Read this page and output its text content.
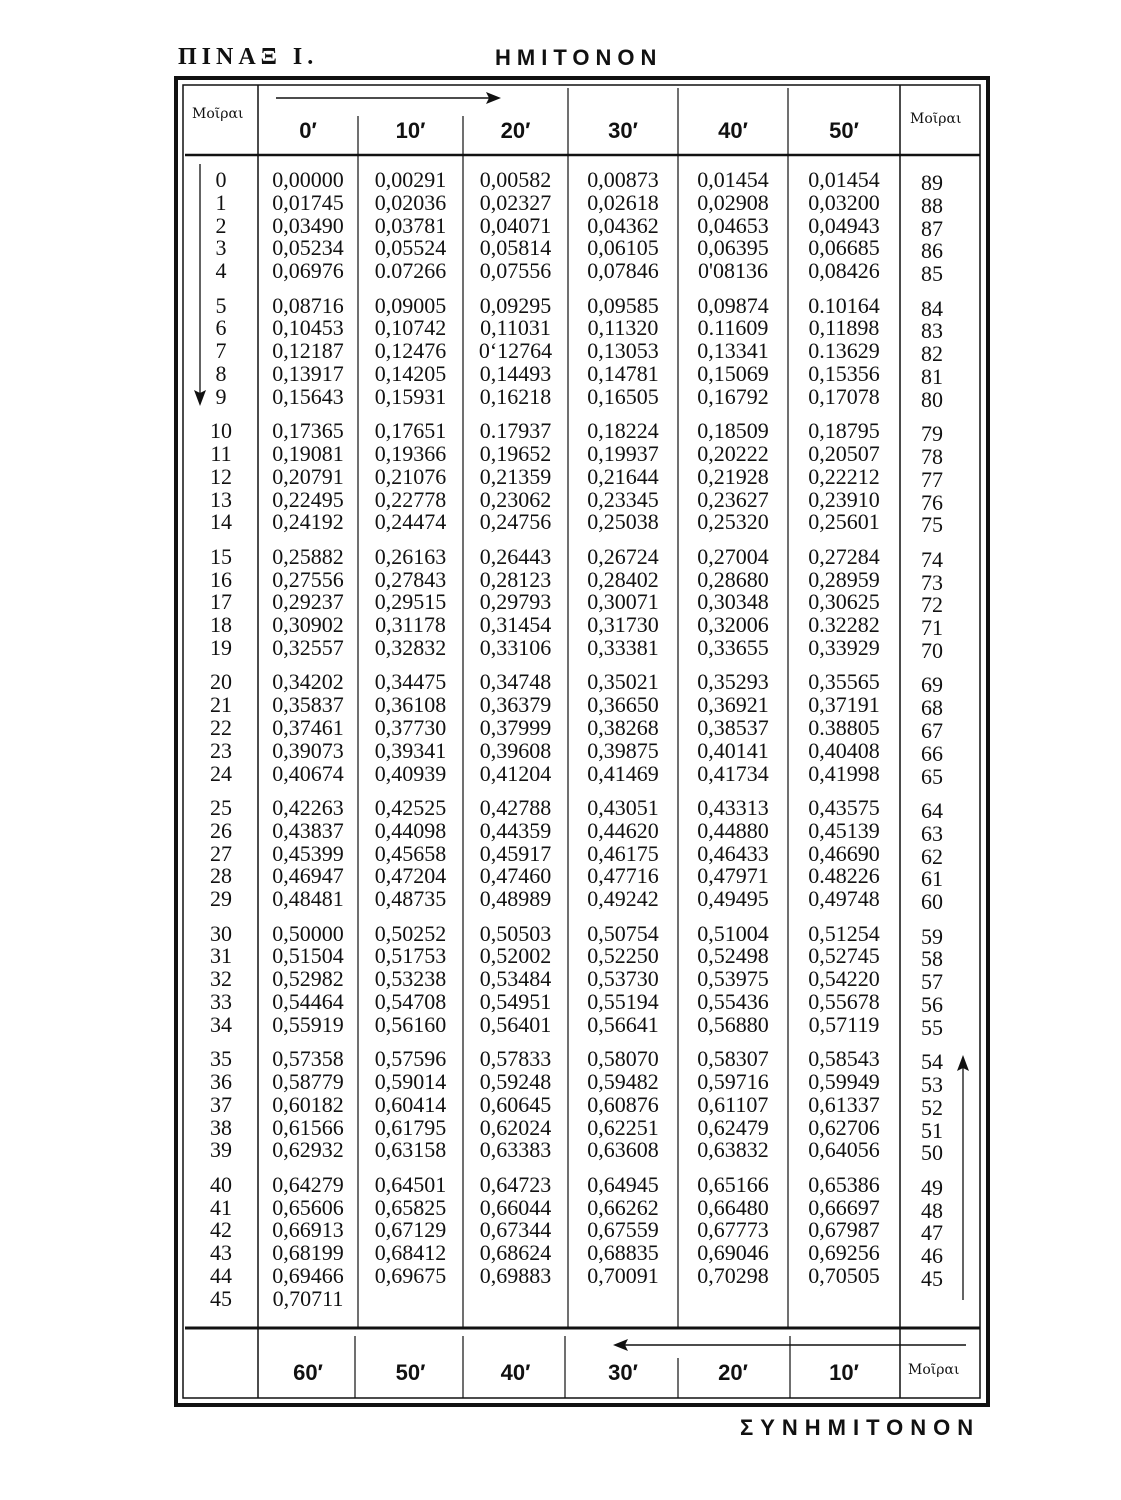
ΠΙΝΑΞ Ι.	ΗΜΙΤΟΝΟΝ
Μοῖραι	Μοῖραι
0′	10′	20′	30′	40′	50′
0	0,00000	0,00291	0,00582	0,00873	0,01454	0,01454	89
1	0,01745	0,02036	0,02327	0,02618	0,02908	0,03200	88
2	0,03490	0,03781	0,04071	0,04362	0,04653	0,04943	87
3	0,05234	0,05524	0,05814	0,06105	0,06395	0,06685	86
4	0,06976	0.07266	0,07556	0,07846	0'08136	0,08426	85
5	0,08716	0,09005	0,09295	0,09585	0,09874	0.10164	84
6	0,10453	0,10742	0,11031	0,11320	0.11609	0,11898	83
7	0,12187	0,12476	0‘12764	0,13053	0,13341	0.13629	82
8	0,13917	0,14205	0,14493	0,14781	0,15069	0,15356	81
9	0,15643	0,15931	0,16218	0,16505	0,16792	0,17078	80
10	0,17365	0,17651	0.17937	0,18224	0,18509	0,18795	79
11	0,19081	0,19366	0,19652	0,19937	0,20222	0,20507	78
12	0,20791	0,21076	0,21359	0,21644	0,21928	0,22212	77
13	0,22495	0,22778	0,23062	0,23345	0,23627	0,23910	76
14	0,24192	0,24474	0,24756	0,25038	0,25320	0,25601	75
15	0,25882	0,26163	0,26443	0,26724	0,27004	0,27284	74
16	0,27556	0,27843	0,28123	0,28402	0,28680	0,28959	73
17	0,29237	0,29515	0,29793	0,30071	0,30348	0,30625	72
18	0,30902	0,31178	0,31454	0,31730	0,32006	0.32282	71
19	0,32557	0,32832	0,33106	0,33381	0,33655	0,33929	70
20	0,34202	0,34475	0,34748	0,35021	0,35293	0,35565	69
21	0,35837	0,36108	0,36379	0,36650	0,36921	0,37191	68
22	0,37461	0,37730	0,37999	0,38268	0,38537	0.38805	67
23	0,39073	0,39341	0,39608	0,39875	0,40141	0,40408	66
24	0,40674	0,40939	0,41204	0,41469	0,41734	0,41998	65
25	0,42263	0,42525	0,42788	0,43051	0,43313	0,43575	64
26	0,43837	0,44098	0,44359	0,44620	0,44880	0,45139	63
27	0,45399	0,45658	0,45917	0,46175	0,46433	0,46690	62
28	0,46947	0,47204	0,47460	0,47716	0,47971	0.48226	61
29	0,48481	0,48735	0,48989	0,49242	0,49495	0,49748	60
30	0,50000	0,50252	0,50503	0,50754	0,51004	0,51254	59
31	0,51504	0,51753	0,52002	0,52250	0,52498	0,52745	58
32	0,52982	0,53238	0,53484	0,53730	0,53975	0,54220	57
33	0,54464	0,54708	0,54951	0,55194	0,55436	0,55678	56
34	0,55919	0,56160	0,56401	0,56641	0,56880	0,57119	55
35	0,57358	0,57596	0,57833	0,58070	0,58307	0,58543	54
36	0,58779	0,59014	0,59248	0,59482	0,59716	0,59949	53
37	0,60182	0,60414	0,60645	0,60876	0,61107	0,61337	52
38	0,61566	0,61795	0,62024	0,62251	0,62479	0,62706	51
39	0,62932	0,63158	0,63383	0,63608	0,63832	0,64056	50
40	0,64279	0,64501	0,64723	0,64945	0,65166	0,65386	49
41	0,65606	0,65825	0,66044	0,66262	0,66480	0,66697	48
42	0,66913	0,67129	0,67344	0,67559	0,67773	0,67987	47
43	0,68199	0,68412	0,68624	0,68835	0,69046	0,69256	46
44	0,69466	0,69675	0,69883	0,70091	0,70298	0,70505	45
45	0,70711
60′	50′	40′	30′	20′	10′	Μοῖραι
ΣΥΝΗΜΙΤΟΝΟΝ
